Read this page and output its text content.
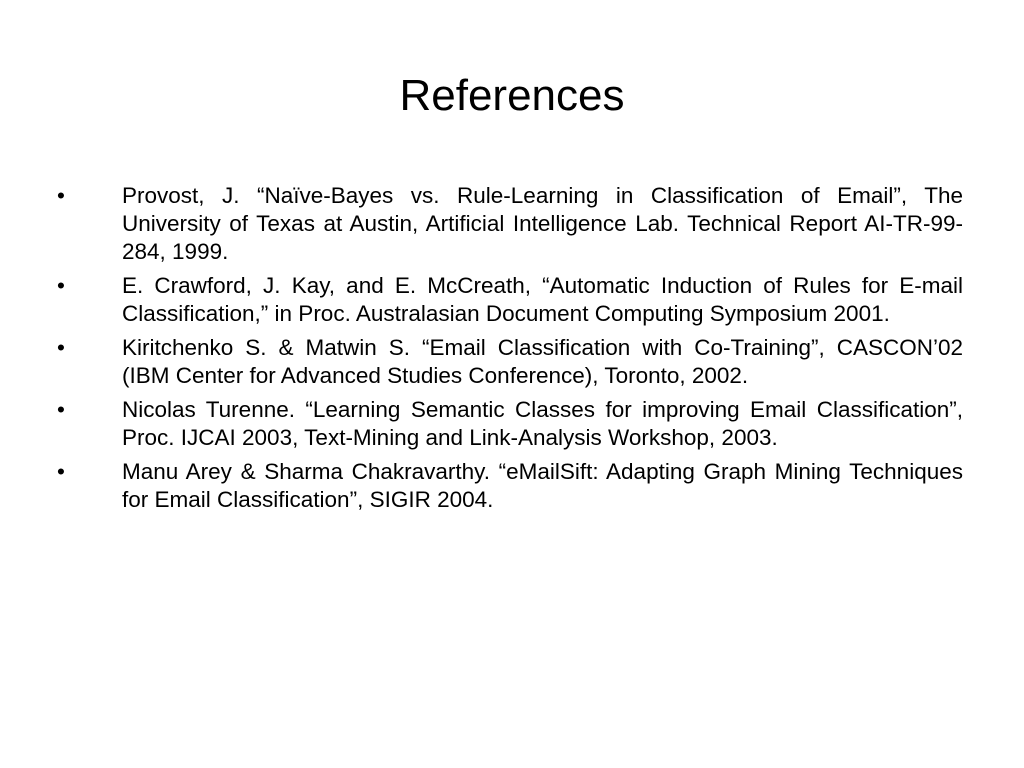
References
•	Provost, J. “Naïve-Bayes vs. Rule-Learning in Classification of Email”, The University of Texas at Austin, Artificial Intelligence Lab. Technical Report AI-TR-99-284, 1999.
•	E. Crawford, J. Kay, and E. McCreath, “Automatic Induction of Rules for E-mail Classification,” in Proc. Australasian Document Computing Symposium 2001.
•	Kiritchenko S. & Matwin S. “Email Classification with Co-Training”, CASCON’02 (IBM Center for Advanced Studies Conference), Toronto, 2002.
•	Nicolas Turenne. “Learning Semantic Classes for improving Email Classification”, Proc. IJCAI 2003, Text-Mining and Link-Analysis Workshop, 2003.
•	Manu Arey & Sharma Chakravarthy. “eMailSift: Adapting Graph Mining Techniques for Email Classification”, SIGIR 2004.
